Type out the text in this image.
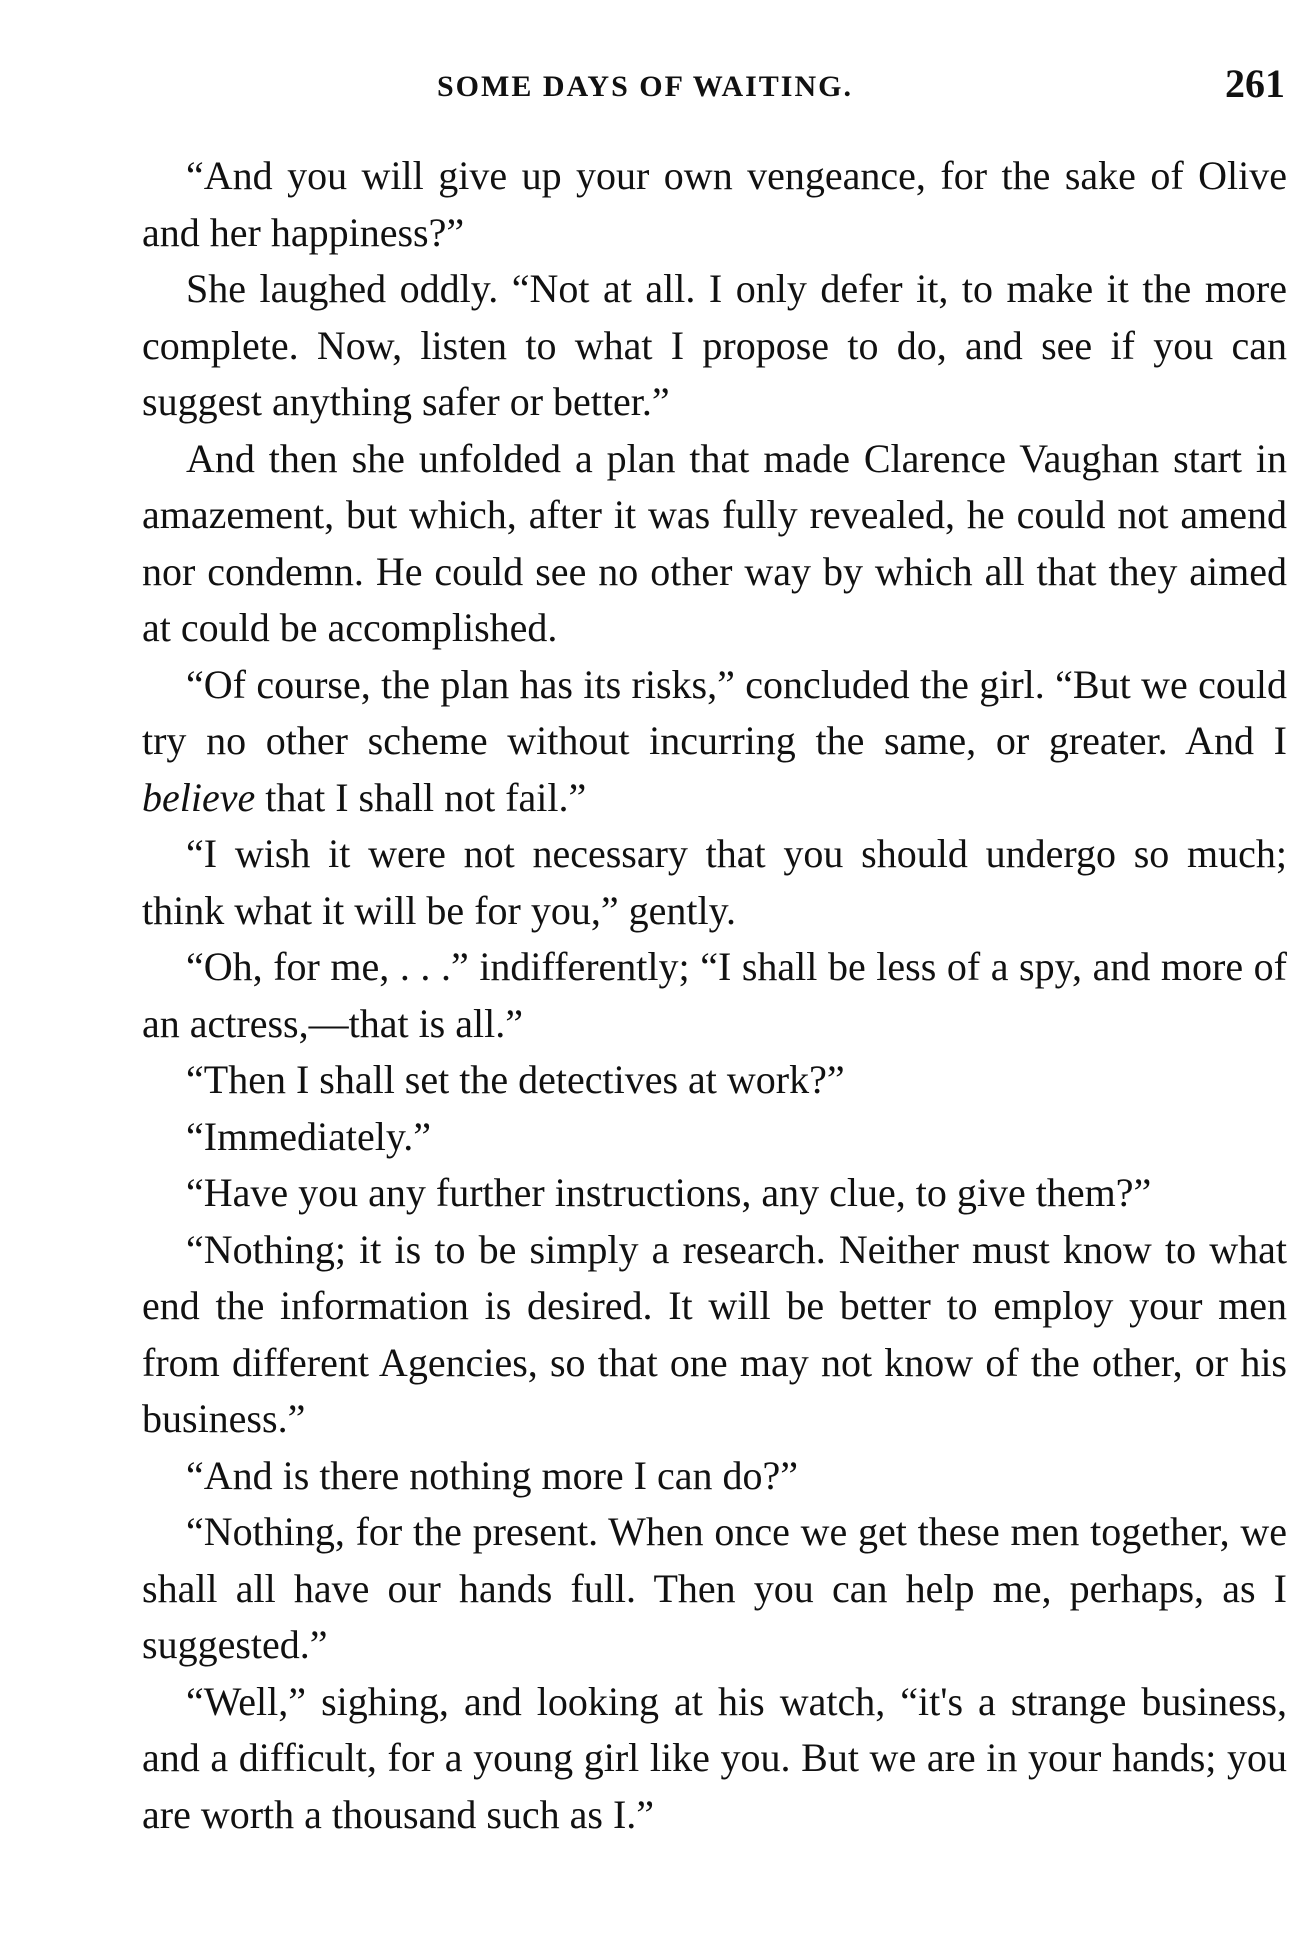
SOME DAYS OF WAITING.	261

“And you will give up your own vengeance, for the sake of Olive and her happiness?”

She laughed oddly. “Not at all. I only defer it, to make it the more complete. Now, listen to what I propose to do, and see if you can suggest anything safer or better.”

And then she unfolded a plan that made Clarence Vaughan start in amazement, but which, after it was fully revealed, he could not amend nor condemn. He could see no other way by which all that they aimed at could be accomplished.

“Of course, the plan has its risks,” concluded the girl. “But we could try no other scheme without incurring the same, or greater. And I believe that I shall not fail.”

“I wish it were not necessary that you should undergo so much; think what it will be for you,” gently.

“Oh, for me, . . .” indifferently; “I shall be less of a spy, and more of an actress,—that is all.”

“Then I shall set the detectives at work?”

“Immediately.”

“Have you any further instructions, any clue, to give them?”

“Nothing; it is to be simply a research. Neither must know to what end the information is desired. It will be better to employ your men from different Agencies, so that one may not know of the other, or his business.”

“And is there nothing more I can do?”

“Nothing, for the present. When once we get these men together, we shall all have our hands full. Then you can help me, perhaps, as I suggested.”

“Well,” sighing, and looking at his watch, “it's a strange business, and a difficult, for a young girl like you. But we are in your hands; you are worth a thousand such as I.”
